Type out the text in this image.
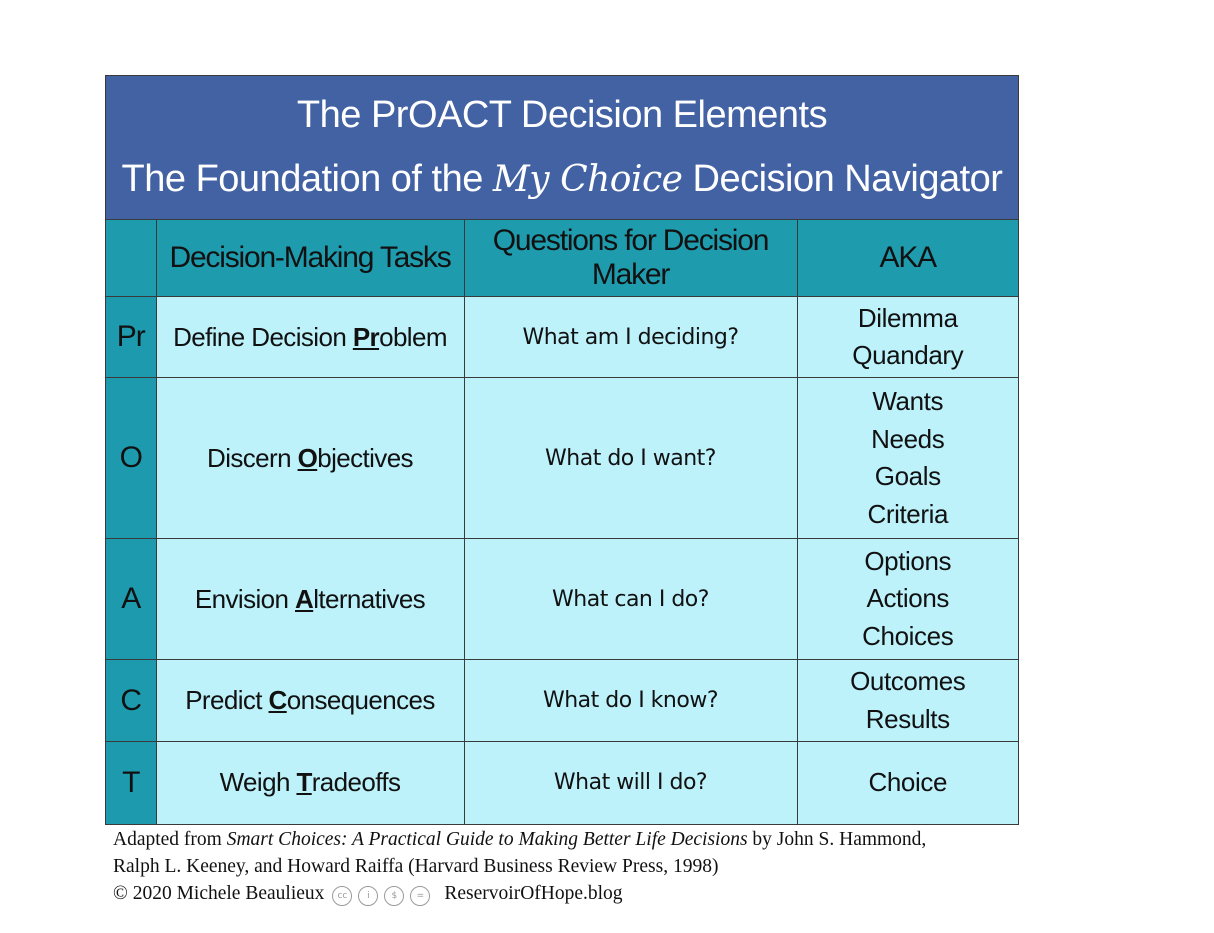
The PrOACT Decision Elements
The Foundation of the My Choice Decision Navigator
	Decision-Making Tasks	Questions for Decision Maker	AKA
Pr	Define Decision Problem	What am I deciding?	Dilemma
Quandary

O	Discern Objectives	What do I want?	Wants
Needs
Goals
Criteria

A	Envision Alternatives	What can I do?	Options
Actions
Choices

C	Predict Consequences	What do I know?	Outcomes
Results

T	Weigh Tradeoffs	What will I do?	Choice
Adapted from Smart Choices: A Practical Guide to Making Better Life Decisions by John S. Hammond,
Ralph L. Keeney, and Howard Raiffa (Harvard Business Review Press, 1998)
© 2020 Michele Beaulieux cc i $ = ReservoirOfHope.blog
